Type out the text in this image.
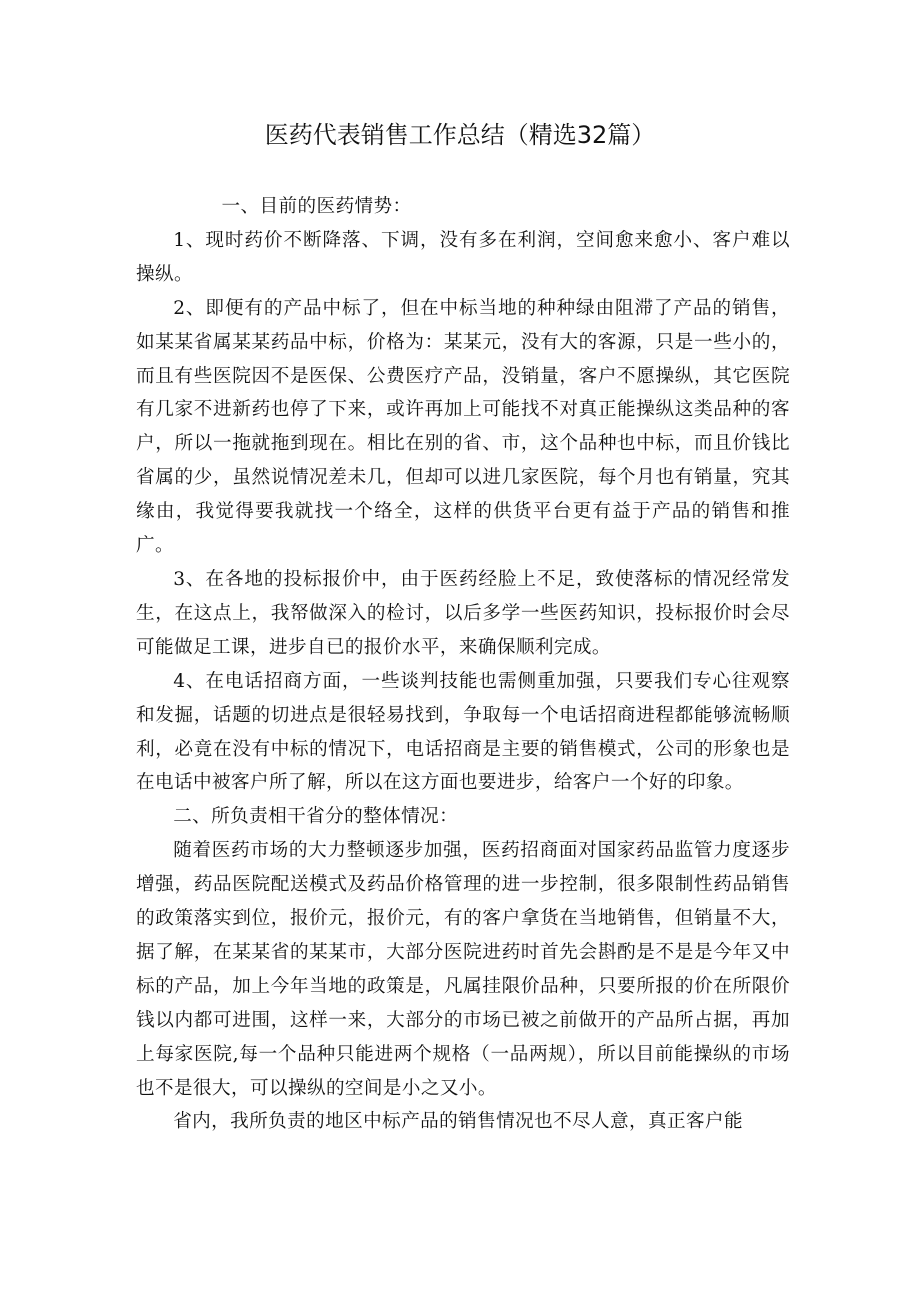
医药代表销售工作总结（精选32篇）

一、目前的医药情势：

1、现时药价不断降落、下调，没有多在利润，空间愈来愈小、客户难以操纵。

2、即便有的产品中标了，但在中标当地的种种绿由阻滞了产品的销售，如某某省属某某药品中标，价格为：某某元，没有大的客源，只是一些小的，而且有些医院因不是医保、公费医疗产品，没销量，客户不愿操纵，其它医院有几家不进新药也停了下来，或许再加上可能找不对真正能操纵这类品种的客户，所以一拖就拖到现在。相比在别的省、市，这个品种也中标，而且价钱比省属的少，虽然说情况差未几，但却可以进几家医院，每个月也有销量，究其缘由，我觉得要我就找一个络全，这样的供货平台更有益于产品的销售和推广。

3、在各地的投标报价中，由于医药经脸上不足，致使落标的情况经常发生，在这点上，我帑做深入的检讨，以后多学一些医药知识，投标报价时会尽可能做足工课，进步自已的报价水平，来确保顺利完成。

4、在电话招商方面，一些谈判技能也需侧重加强，只要我们专心往观察和发掘，话题的切进点是很轻易找到，争取每一个电话招商进程都能够流畅顺利，必竟在没有中标的情况下，电话招商是主要的销售模式，公司的形象也是在电话中被客户所了解，所以在这方面也要进步，给客户一个好的印象。

二、所负责相干省分的整体情况：

随着医药市场的大力整顿逐步加强，医药招商面对国家药品监管力度逐步增强，药品医院配送模式及药品价格管理的进一步控制，很多限制性药品销售的政策落实到位，报价元，报价元，有的客户拿货在当地销售，但销量不大，据了解，在某某省的某某市，大部分医院进药时首先会斟酌是不是是今年又中标的产品，加上今年当地的政策是，凡属挂限价品种，只要所报的价在所限价钱以内都可进围，这样一来，大部分的市场已被之前做开的产品所占据，再加上每家医院,每一个品种只能进两个规格（一品两规），所以目前能操纵的市场也不是很大，可以操纵的空间是小之又小。

省内，我所负责的地区中标产品的销售情况也不尽人意，真正客户能
